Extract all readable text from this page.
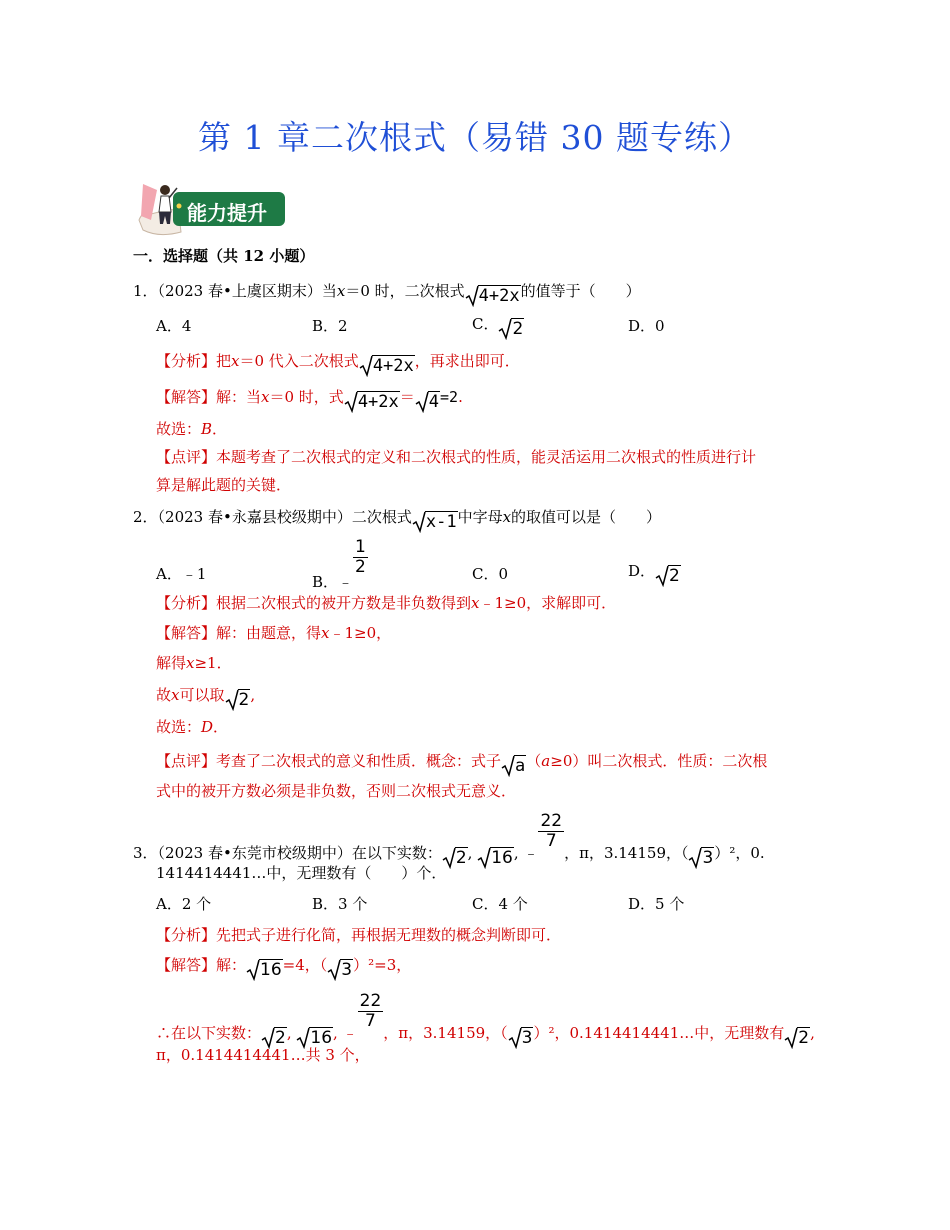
第 1 章二次根式（易错 30 题专练）
能力提升
一．选择题（共 12 小题）
1．（2023 春•上虞区期末）当x＝0 时，二次根式 4+2x的值等于（　　）
A．4	B．2	C． 2	D．0
【分析】把x＝0 代入二次根式 4+2x，再求出即可．
【解答】解：当x＝0 时，式 4+2x＝ 4=2.
故选：B．
【点评】本题考查了二次根式的定义和二次根式的性质，能灵活运用二次根式的性质进行计
算是解此题的关键．
2．（2023 春•永嘉县校级期中）二次根式 x-1中字母x的取值可以是（　　）
A．﹣1	B．﹣
$\frac{1}{2}$	C．0	D． 2
【分析】根据二次根式的被开方数是非负数得到x﹣1≥0，求解即可．
【解答】解：由题意，得x﹣1≥0，
解得x≥1．
故x可以取 2,
故选：D．
【点评】考查了二次根式的意义和性质．概念：式子 a（a≥0）叫二次根式．性质：二次根
式中的被开方数必须是非负数，否则二次根式无意义．
3．（2023 春•东莞市校级期中）在以下实数： 2, 16, ﹣
$\frac{22}{7}$
，π，3.14159，（ 3）²，0.
1414414441…中，无理数有（　　）个．
A．2 个	B．3 个	C．4 个	D．5 个
【分析】先把式子进行化简，再根据无理数的概念判断即可．
【解答】解： 16=4，（ 3）²=3，
∴在以下实数： 2, 16, ﹣
$\frac{22}{7}$
，π，3.14159，（ 3）²，0.1414414441…中，无理数有 2,
π，0.1414414441…共 3 个，
